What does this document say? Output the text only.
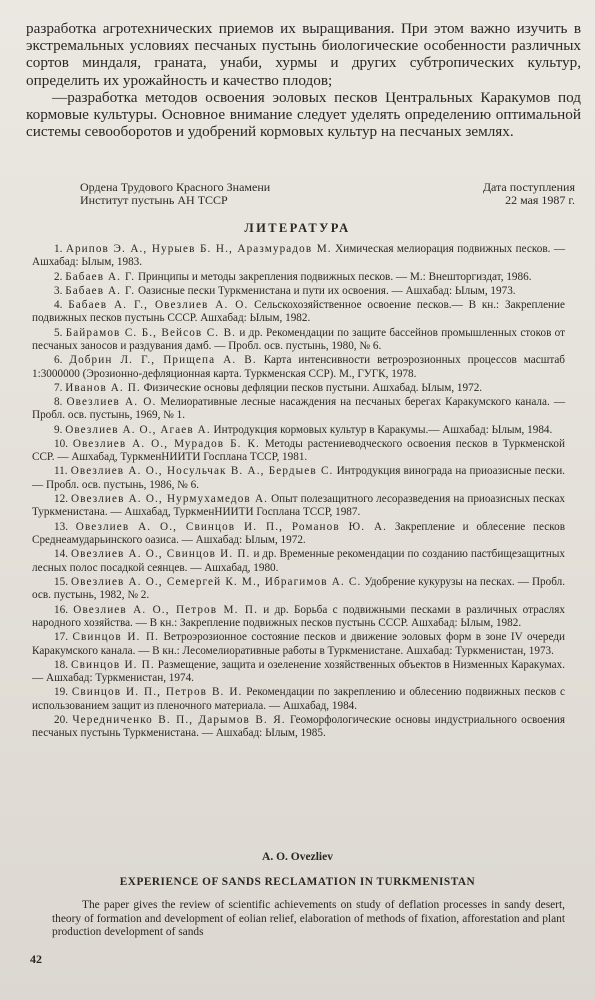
разработка агротехнических приемов их выращивания. При этом важно изучить в экстремальных условиях песчаных пустынь биологические особенности различных сортов миндаля, граната, унаби, хурмы и других субтропических культур, определить их урожайность и качество плодов;

—разработка методов освоения эоловых песков Центральных Каракумов под кормовые культуры. Основное внимание следует уделять определению оптимальной системы севооборотов и удобрений кормовых культур на песчаных землях.

Ордена Трудового Красного Знамени
Институт пустынь АН ТССР
Дата поступления
22 мая 1987 г.
ЛИТЕРАТУРА

1. Арипов Э. А., Нурыев Б. Н., Аразмурадов М. Химическая мелиорация подвижных песков. — Ашхабад: Ылым, 1983.

2. Бабаев А. Г. Принципы и методы закрепления подвижных песков. — М.: Внешторгиздат, 1986.

3. Бабаев А. Г. Оазисные пески Туркменистана и пути их освоения. — Ашхабад: Ылым, 1973.

4. Бабаев А. Г., Овезлиев А. О. Сельскохозяйственное освоение песков.— В кн.: Закрепление подвижных песков пустынь СССР. Ашхабад: Ылым, 1982.

5. Байрамов С. Б., Вейсов С. В. и др. Рекомендации по защите бассейнов промышленных стоков от песчаных заносов и раздувания дамб. — Пробл. осв. пустынь, 1980, № 6.

6. Добрин Л. Г., Прищепа А. В. Карта интенсивности ветроэрозионных процессов масштаб 1:3000000 (Эрозионно-дефляционная карта. Туркменская ССР). М., ГУГК, 1978.

7. Иванов А. П. Физические основы дефляции песков пустыни. Ашхабад. Ылым, 1972.

8. Овезлиев А. О. Мелиоративные лесные насаждения на песчаных берегах Каракумского канала. — Пробл. осв. пустынь, 1969, № 1.

9. Овезлиев А. О., Агаев А. Интродукция кормовых культур в Каракумы.— Ашхабад: Ылым, 1984.

10. Овезлиев А. О., Мурадов Б. К. Методы растениеводческого освоения песков в Туркменской ССР. — Ашхабад, ТуркменНИИТИ Госплана ТССР, 1981.

11. Овезлиев А. О., Носульчак В. А., Бердыев С. Интродукция винограда на приоазисные пески. — Пробл. осв. пустынь, 1986, № 6.

12. Овезлиев А. О., Нурмухамедов А. Опыт полезащитного лесоразведения на приоазисных песках Туркменистана. — Ашхабад, ТуркменНИИТИ Госплана ТССР, 1987.

13. Овезлиев А. О., Свинцов И. П., Романов Ю. А. Закрепление и облесение песков Среднеамударьинского оазиса. — Ашхабад: Ылым, 1972.

14. Овезлиев А. О., Свинцов И. П. и др. Временные рекомендации по созданию пастбищезащитных лесных полос посадкой сеянцев. — Ашхабад, 1980.

15. Овезлиев А. О., Семергей К. М., Ибрагимов А. С. Удобрение кукурузы на песках. — Пробл. осв. пустынь, 1982, № 2.

16. Овезлиев А. О., Петров М. П. и др. Борьба с подвижными песками в различных отраслях народного хозяйства. — В кн.: Закрепление подвижных песков пустынь СССР. Ашхабад: Ылым, 1982.

17. Свинцов И. П. Ветроэрозионное состояние песков и движение эоловых форм в зоне IV очереди Каракумского канала. — В кн.: Лесомелиоративные работы в Туркменистане. Ашхабад: Туркменистан, 1973.

18. Свинцов И. П. Размещение, защита и озеленение хозяйственных объектов в Низменных Каракумах. — Ашхабад: Туркменистан, 1974.

19. Свинцов И. П., Петров В. И. Рекомендации по закреплению и облесению подвижных песков с использованием защит из пленочного материала. — Ашхабад, 1984.

20. Чередниченко В. П., Дарымов В. Я. Геоморфологические основы индустриального освоения песчаных пустынь Туркменистана. — Ашхабад: Ылым, 1985.

A. O. Ovezliev
EXPERIENCE OF SANDS RECLAMATION IN TURKMENISTAN

The paper gives the review of scientific achievements on study of deflation processes in sandy desert, theory of formation and development of eolian relief, elaboration of methods of fixation, afforestation and plant production development of sands

42
